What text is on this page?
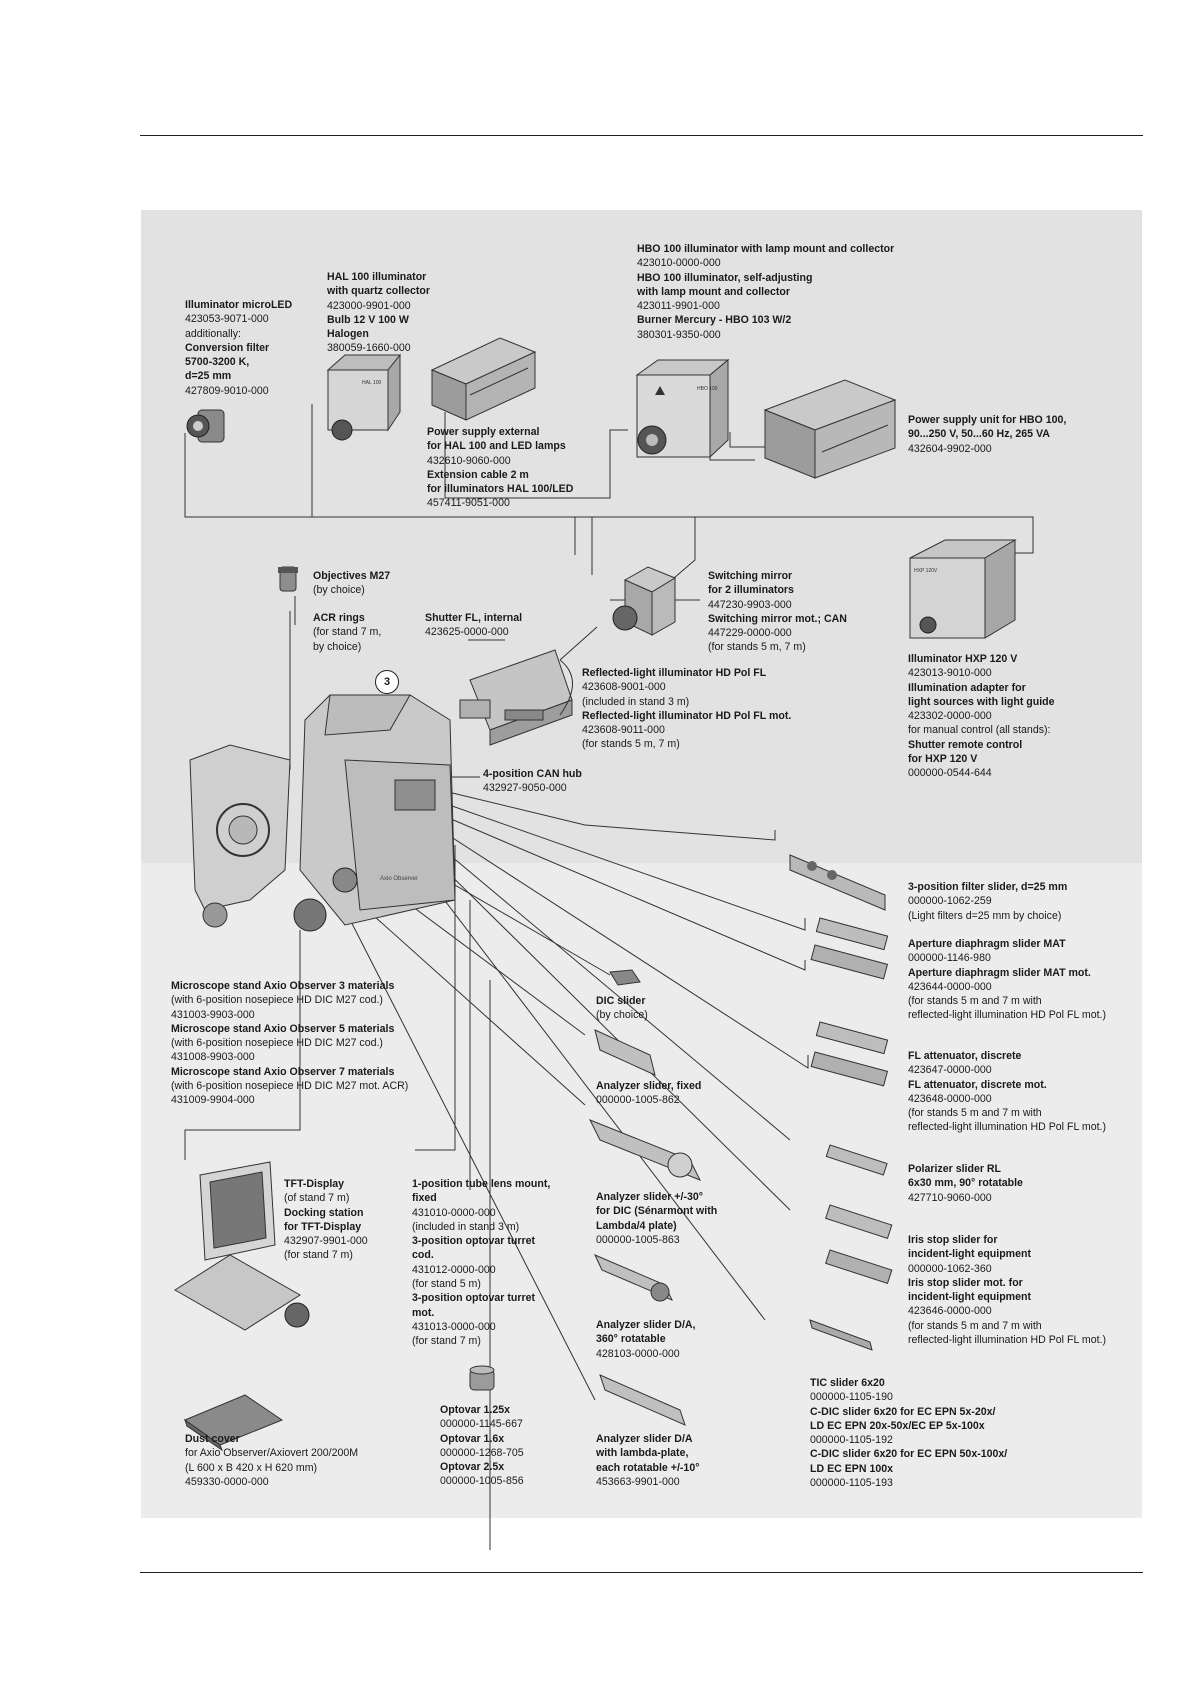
HAL 100
HBO 100
HXP 120V
Axio Observer
3
Illuminator microLED
423053-9071-000
additionally:
Conversion filter
5700-3200 K,
d=25 mm
427809-9010-000
HAL 100 illuminator
with quartz collector
423000-9901-000
Bulb 12 V 100 W
Halogen
380059-1660-000
HBO 100 illuminator with lamp mount and collector
423010-0000-000
HBO 100 illuminator, self-adjusting
with lamp mount and collector
423011-9901-000
Burner Mercury - HBO 103 W/2
380301-9350-000
Power supply external
for HAL 100 and LED lamps
432610-9060-000
Extension cable 2 m
for illuminators HAL 100/LED
457411-9051-000
Power supply unit for HBO 100,
90...250 V, 50...60 Hz, 265 VA
432604-9902-000
Objectives M27
(by choice)
ACR rings
(for stand 7 m,
by choice)
Shutter FL, internal
423625-0000-000
Switching mirror
for 2 illuminators
447230-9903-000
Switching mirror mot.; CAN
447229-0000-000
(for stands 5 m, 7 m)
Reflected-light illuminator HD Pol FL
423608-9001-000
(included in stand 3 m)
Reflected-light illuminator HD Pol FL mot.
423608-9011-000
(for stands 5 m, 7 m)
Illuminator HXP 120 V
423013-9010-000
Illumination adapter for
light sources with light guide
423302-0000-000
for manual control (all stands):
Shutter remote control
for HXP 120 V
000000-0544-644
4-position CAN hub
432927-9050-000
3-position filter slider, d=25 mm
000000-1062-259
(Light filters d=25 mm by choice)
Aperture diaphragm slider MAT
000000-1146-980
Aperture diaphragm slider MAT mot.
423644-0000-000
(for stands 5 m and 7 m with
reflected-light illumination HD Pol FL mot.)
FL attenuator, discrete
423647-0000-000
FL attenuator, discrete mot.
423648-0000-000
(for stands 5 m and 7 m with
reflected-light illumination HD Pol FL mot.)
Polarizer slider RL
6x30 mm, 90° rotatable
427710-9060-000
Iris stop slider for
incident-light equipment
000000-1062-360
Iris stop slider mot. for
incident-light equipment
423646-0000-000
(for stands 5 m and 7 m with
reflected-light illumination HD Pol FL mot.)
TIC slider 6x20
000000-1105-190
C-DIC slider 6x20 for EC EPN 5x-20x/
LD EC EPN 20x-50x/EC EP 5x-100x
000000-1105-192
C-DIC slider 6x20 for EC EPN 50x-100x/
LD EC EPN 100x
000000-1105-193
Microscope stand Axio Observer 3 materials
(with 6-position nosepiece HD DIC M27 cod.)
431003-9903-000
Microscope stand Axio Observer 5 materials
(with 6-position nosepiece HD DIC M27 cod.)
431008-9903-000
Microscope stand Axio Observer 7 materials
(with 6-position nosepiece HD DIC M27 mot. ACR)
431009-9904-000
DIC slider
(by choice)
Analyzer slider, fixed
000000-1005-862
Analyzer slider +/-30°
for DIC (Sénarmont with
Lambda/4 plate)
000000-1005-863
Analyzer slider D/A,
360° rotatable
428103-0000-000
Analyzer slider D/A
with lambda-plate,
each rotatable +/-10°
453663-9901-000
TFT-Display
(of stand 7 m)
Docking station
for TFT-Display
432907-9901-000
(for stand 7 m)
1-position tube lens mount,
fixed
431010-0000-000
(included in stand 3 m)
3-position optovar turret
cod.
431012-0000-000
(for stand 5 m)
3-position optovar turret
mot.
431013-0000-000
(for stand 7 m)
Optovar 1.25x
000000-1145-667
Optovar 1.6x
000000-1268-705
Optovar 2.5x
000000-1005-856
Dust cover
for Axio Observer/Axiovert 200/200M
(L 600 x B 420 x H 620 mm)
459330-0000-000
